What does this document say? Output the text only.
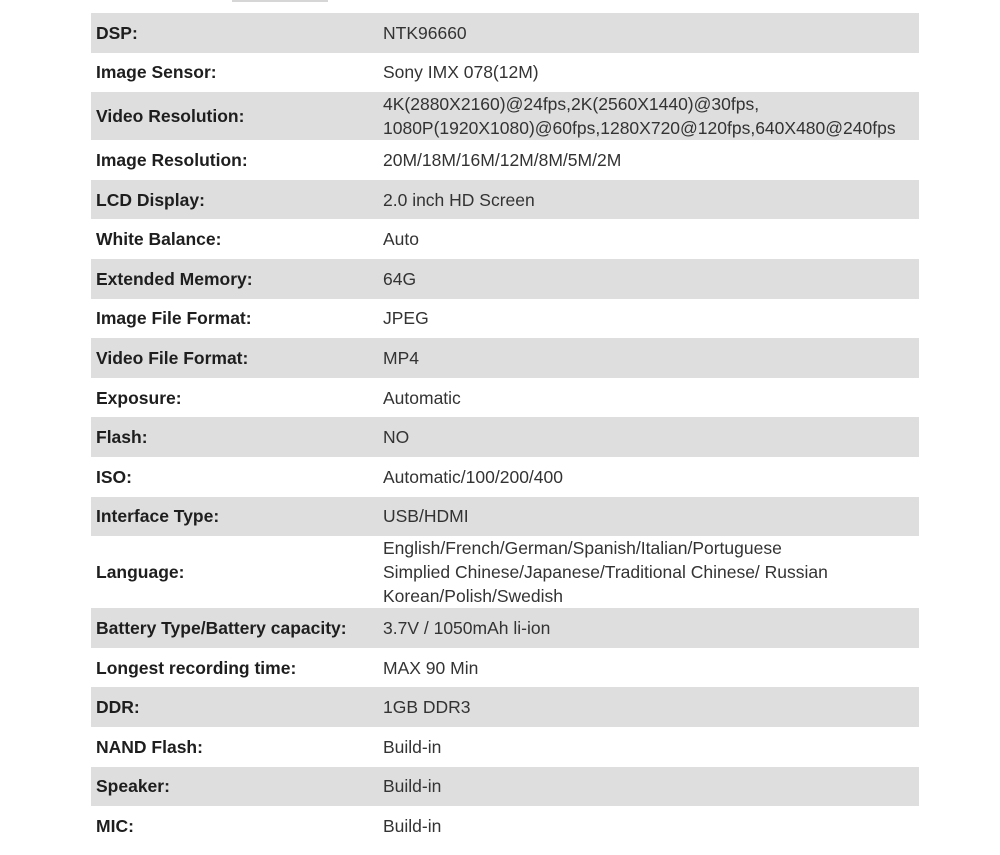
DSP:	NTK96660

Image Sensor:	Sony IMX 078(12M)

Video Resolution:	4K(2880X2160)@24fps,2K(2560X1440)@30fps,
1080P(1920X1080)@60fps,1280X720@120fps,640X480@240fps

Image Resolution:	20M/18M/16M/12M/8M/5M/2M

LCD Display:	2.0 inch HD Screen

White Balance:	Auto

Extended Memory:	64G

Image File Format:	JPEG

Video File Format:	MP4

Exposure:	Automatic

Flash:	NO

ISO:	Automatic/100/200/400

Interface Type:	USB/HDMI

Language:	English/French/German/Spanish/Italian/Portuguese
Simplied Chinese/Japanese/Traditional Chinese/ Russian
Korean/Polish/Swedish

Battery Type/Battery capacity:	3.7V / 1050mAh li-ion

Longest recording time:	MAX 90 Min

DDR:	1GB DDR3

NAND Flash:	Build-in

Speaker:	Build-in

MIC:	Build-in
